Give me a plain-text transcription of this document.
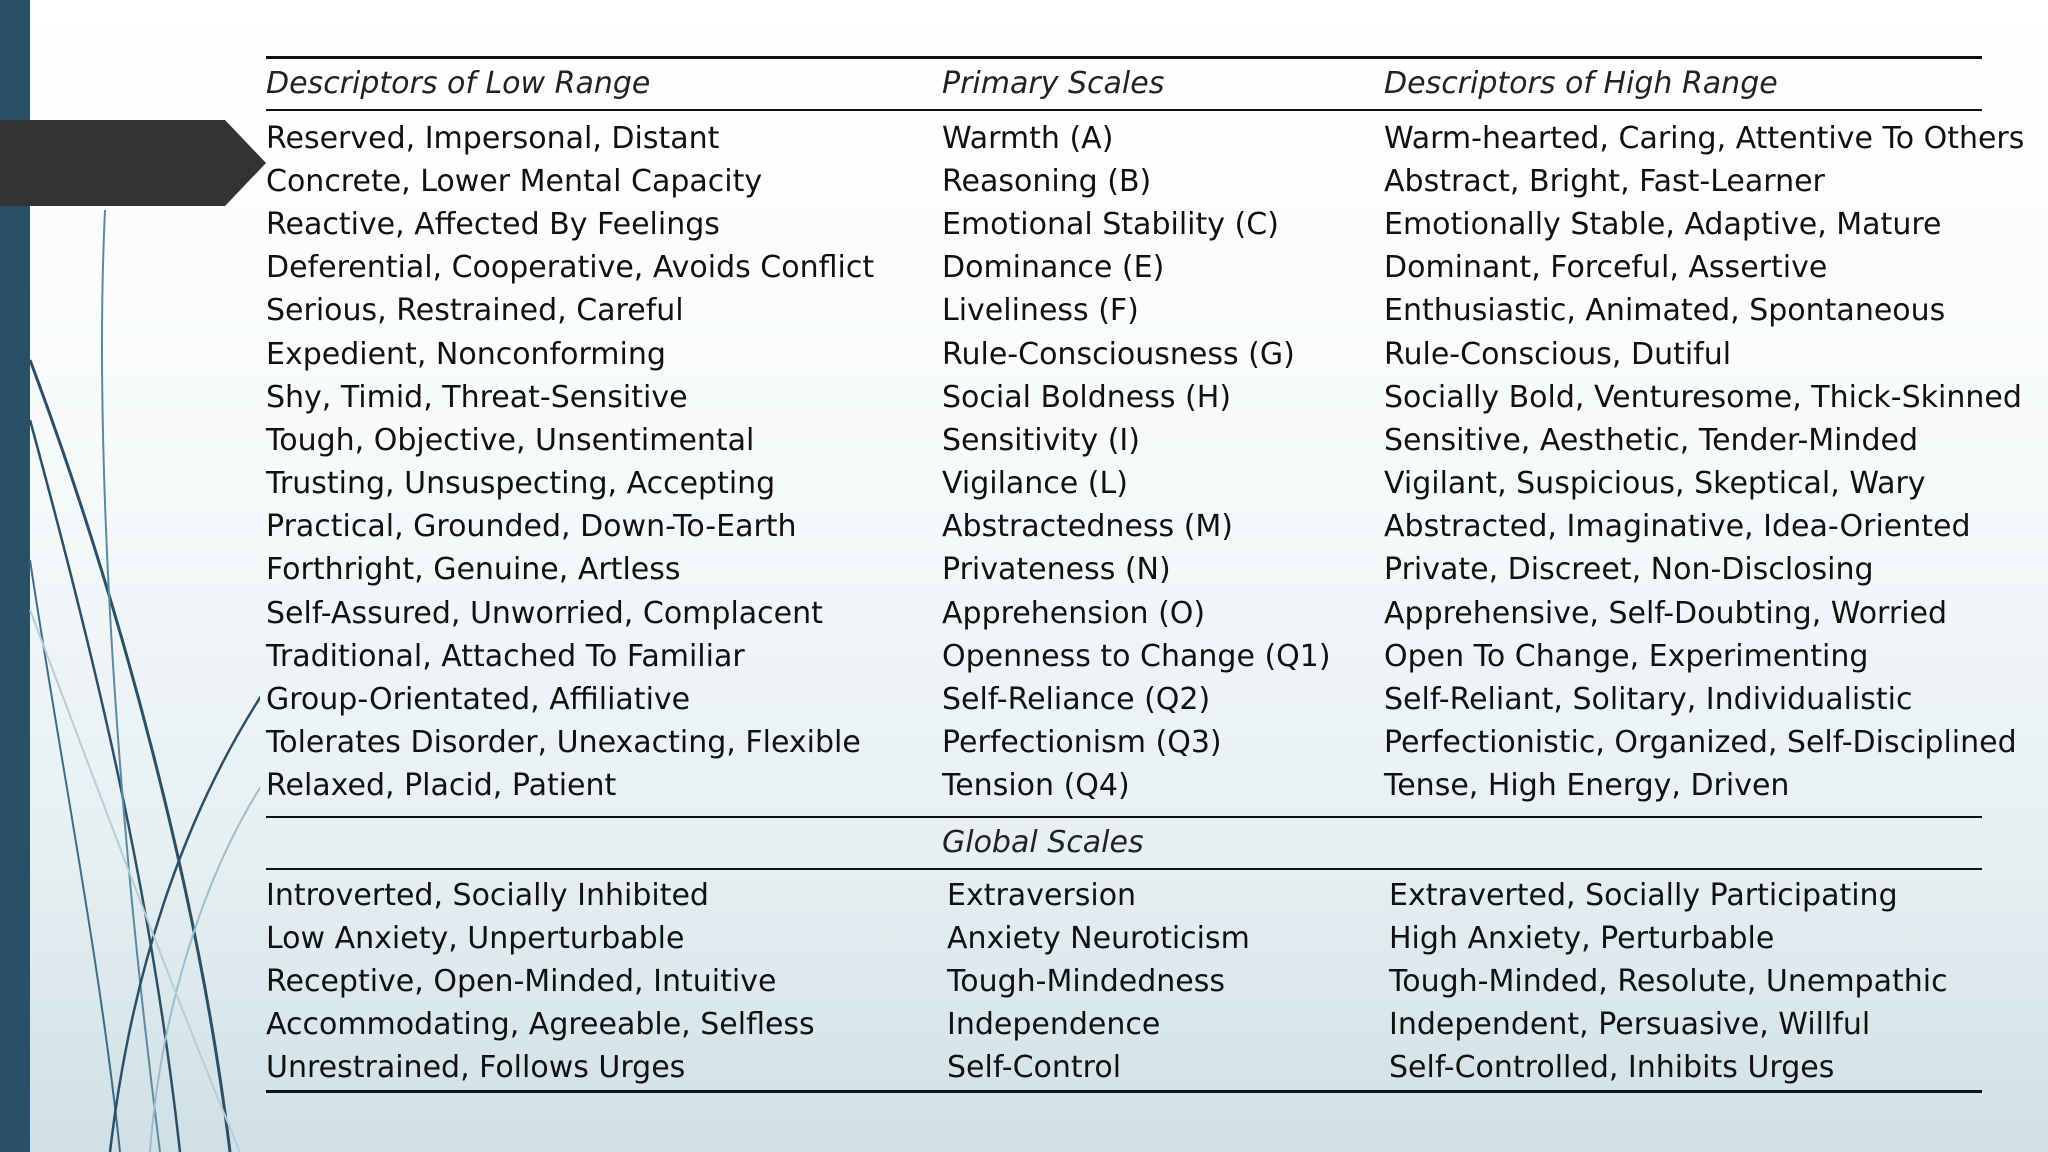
Descriptors of Low Range	Primary Scales	Descriptors of High Range
Reserved, Impersonal, Distant	Warmth (A)	Warm-hearted, Caring, Attentive To Others
Concrete, Lower Mental Capacity	Reasoning (B)	Abstract, Bright, Fast-Learner
Reactive, Affected By Feelings	Emotional Stability (C)	Emotionally Stable, Adaptive, Mature
Deferential, Cooperative, Avoids Conflict	Dominance (E)	Dominant, Forceful, Assertive
Serious, Restrained, Careful	Liveliness (F)	Enthusiastic, Animated, Spontaneous
Expedient, Nonconforming	Rule-Consciousness (G)	Rule-Conscious, Dutiful
Shy, Timid, Threat-Sensitive	Social Boldness (H)	Socially Bold, Venturesome, Thick-Skinned
Tough, Objective, Unsentimental	Sensitivity (I)	Sensitive, Aesthetic, Tender-Minded
Trusting, Unsuspecting, Accepting	Vigilance (L)	Vigilant, Suspicious, Skeptical, Wary
Practical, Grounded, Down-To-Earth	Abstractedness (M)	Abstracted, Imaginative, Idea-Oriented
Forthright, Genuine, Artless	Privateness (N)	Private, Discreet, Non-Disclosing
Self-Assured, Unworried, Complacent	Apprehension (O)	Apprehensive, Self-Doubting, Worried
Traditional, Attached To Familiar	Openness to Change (Q1)	Open To Change, Experimenting
Group-Orientated, Affiliative	Self-Reliance (Q2)	Self-Reliant, Solitary, Individualistic
Tolerates Disorder, Unexacting, Flexible	Perfectionism (Q3)	Perfectionistic, Organized, Self-Disciplined
Relaxed, Placid, Patient	Tension (Q4)	Tense, High Energy, Driven
Global Scales
Introverted, Socially Inhibited	Extraversion	Extraverted, Socially Participating
Low Anxiety, Unperturbable	Anxiety Neuroticism	High Anxiety, Perturbable
Receptive, Open-Minded, Intuitive	Tough-Mindedness	Tough-Minded, Resolute, Unempathic
Accommodating, Agreeable, Selfless	Independence	Independent, Persuasive, Willful
Unrestrained, Follows Urges	Self-Control	Self-Controlled, Inhibits Urges
